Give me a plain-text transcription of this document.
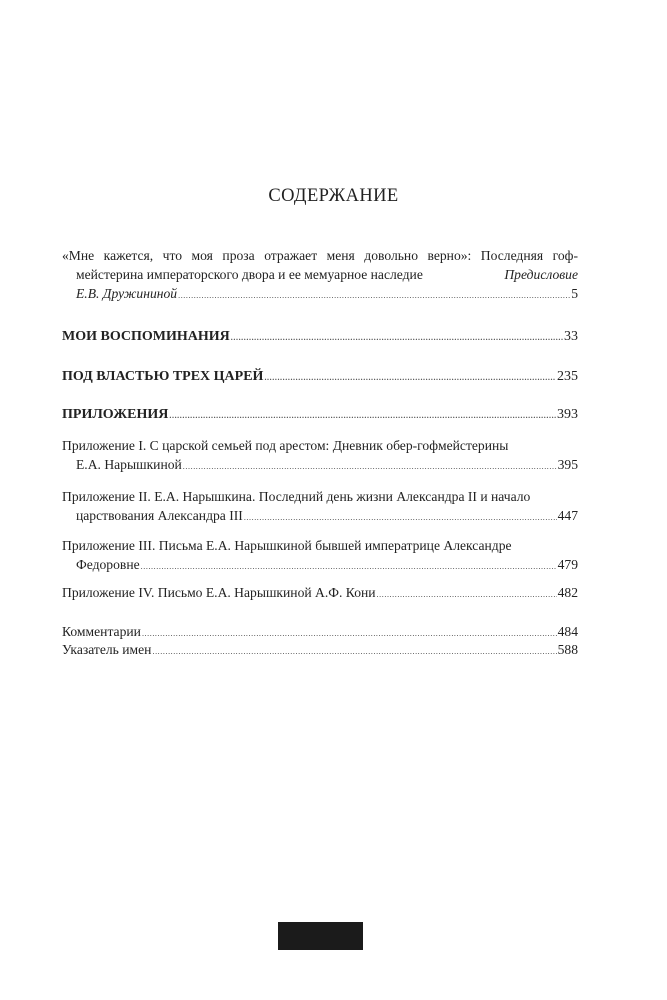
СОДЕРЖАНИЕ
«Мне кажется, что моя проза отражает меня довольно верно»: Последняя гоф-
мейстерина императорского двора и ее мемуарное наследие	Предисловие
Е.В. Дружининой .....	5
МОИ ВОСПОМИНАНИЯ .....	33
ПОД ВЛАСТЬЮ ТРЕХ ЦАРЕЙ .....	235
ПРИЛОЖЕНИЯ .....	393
Приложение I. С царской семьей под арестом: Дневник обер-гофмейстерины
Е.А. Нарышкиной .....	395
Приложение II. Е.А. Нарышкина. Последний день жизни Александра II и начало
царствования Александра III .....	447
Приложение III. Письма Е.А. Нарышкиной бывшей императрице Александре
Федоровне .....	479
Приложение IV. Письмо Е.А. Нарышкиной А.Ф. Кони .....	482
Комментарии .....	484
Указатель имен .....	588
